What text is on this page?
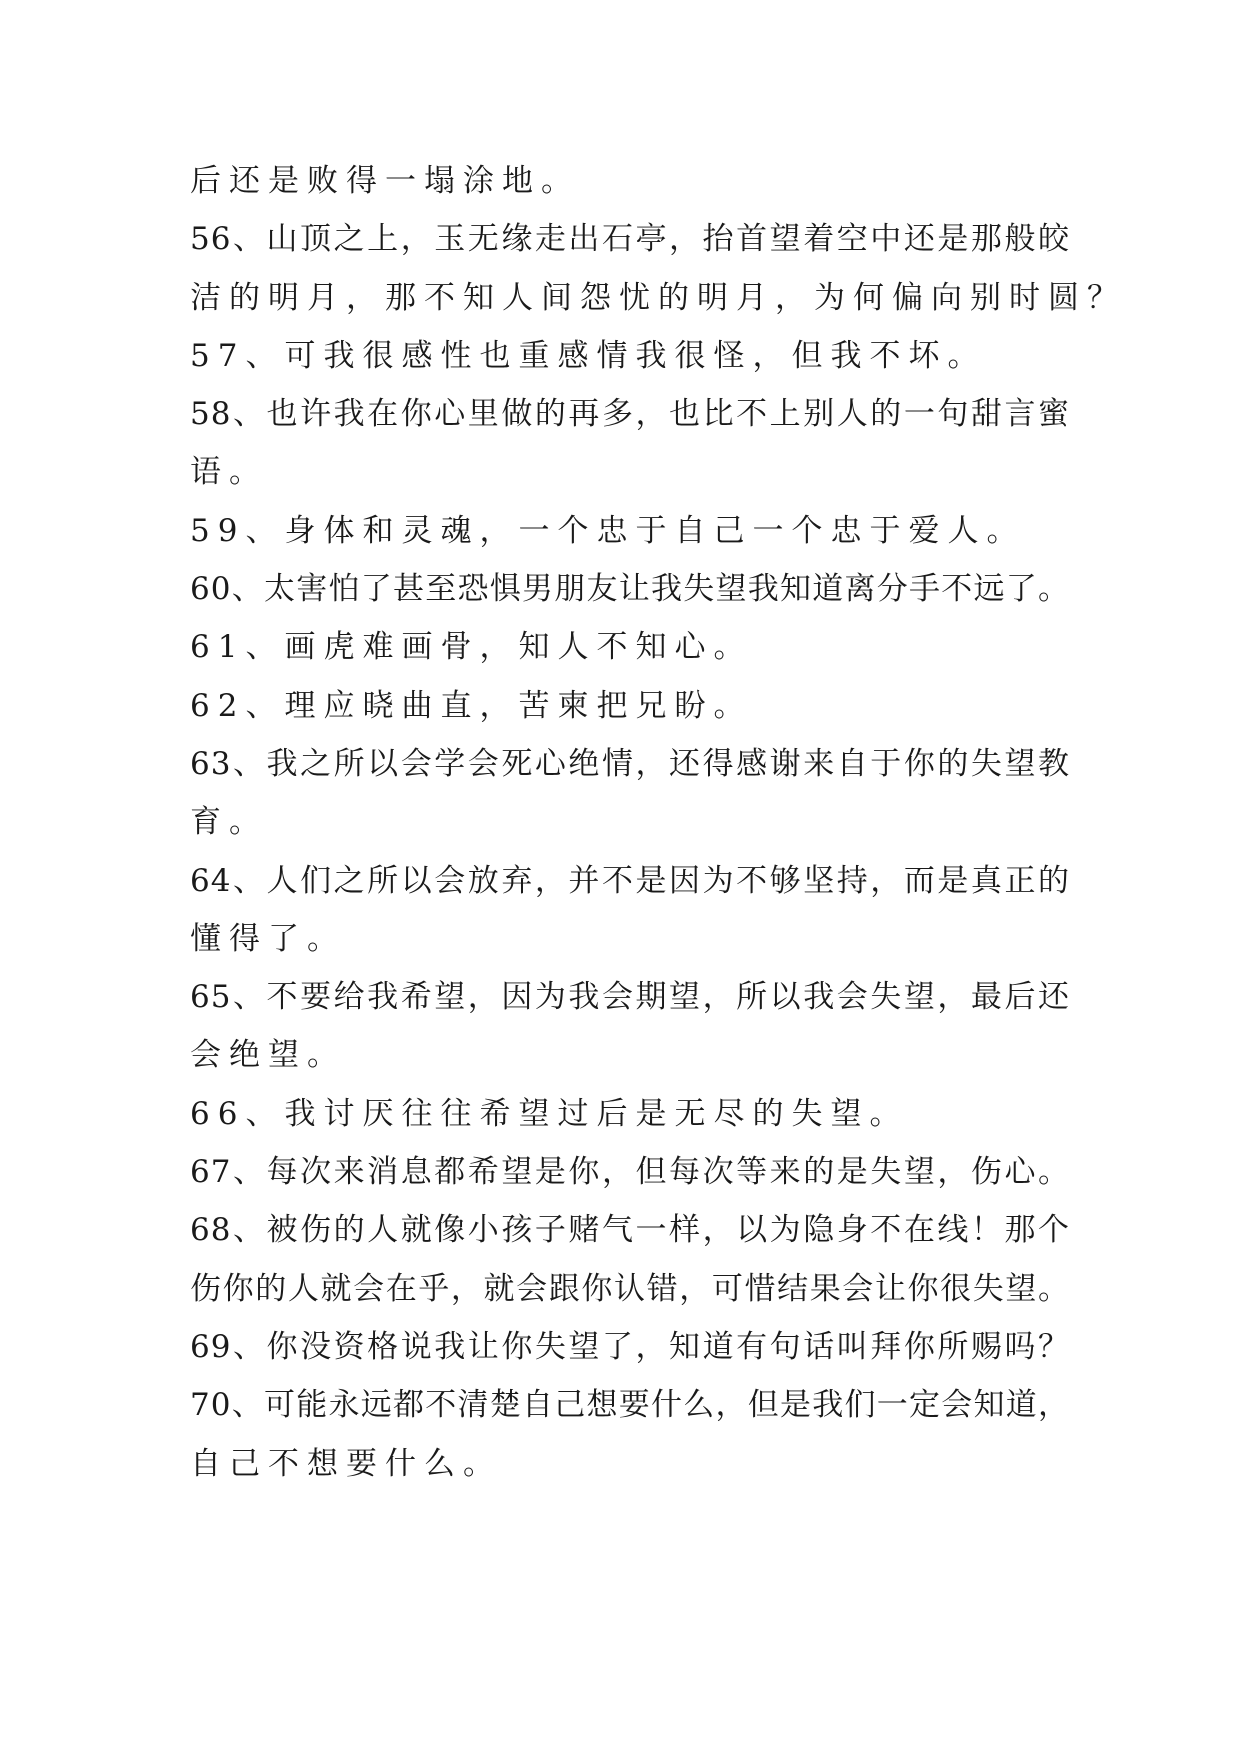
后还是败得一塌涂地。
56、山顶之上，玉无缘走出石亭，抬首望着空中还是那般皎
洁的明月，那不知人间怨忧的明月，为何偏向别时圆？
57、可我很感性也重感情我很怪，但我不坏。
58、也许我在你心里做的再多，也比不上别人的一句甜言蜜
语。
59、身体和灵魂，一个忠于自己一个忠于爱人。
60、太害怕了甚至恐惧男朋友让我失望我知道离分手不远了。
61、画虎难画骨，知人不知心。
62、理应晓曲直，苦柬把兄盼。
63、我之所以会学会死心绝情，还得感谢来自于你的失望教
育。
64、人们之所以会放弃，并不是因为不够坚持，而是真正的
懂得了。
65、不要给我希望，因为我会期望，所以我会失望，最后还
会绝望。
66、我讨厌往往希望过后是无尽的失望。
67、每次来消息都希望是你，但每次等来的是失望，伤心。
68、被伤的人就像小孩子赌气一样，以为隐身不在线！那个
伤你的人就会在乎，就会跟你认错，可惜结果会让你很失望。
69、你没资格说我让你失望了，知道有句话叫拜你所赐吗？
70、可能永远都不清楚自己想要什么，但是我们一定会知道，
自己不想要什么。
